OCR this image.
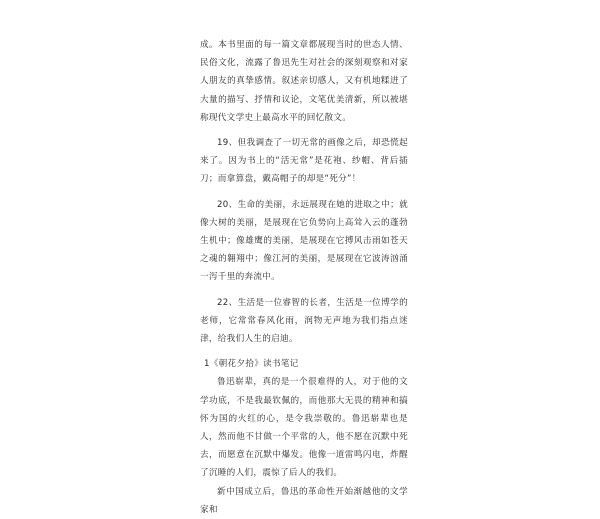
成。本书里面的每一篇文章都展现当时的世态人情、民俗文化，流露了鲁迅先生对社会的深刻观察和对家人朋友的真挚感情。叙述亲切感人，又有机地糅进了大量的描写、抒情和议论，文笔优美清新，所以被堪称现代文学史上最高水平的回忆散文。

19、但我调查了一切无常的画像之后，却恐慌起来了。因为书上的“活无常”是花袍、纱帽、背后插刀；而拿算盘，戴高帽子的却是“死分”！

20、生命的美丽，永远展现在她的进取之中；就像大树的美丽，是展现在它负势向上高耸入云的蓬勃生机中；像雄鹰的美丽，是展现在它搏风击雨如苍天之魂的翱翔中；像江河的美丽，是展现在它波涛汹涌一泻千里的奔流中。

22、生活是一位睿智的长者，生活是一位博学的老师，它常常春风化雨，润物无声地为我们指点迷津，给我们人生的启迪。

1《朝花夕拾》读书笔记

鲁迅崭辈，真的是一个很难得的人，对于他的文学功底，不是我最钦佩的，而他那大无畏的精神和搞怀为国的火红的心，是令我崇敬的。鲁迅崭辈也是人，然而他不甘做一个平常的人，他不愿在沉默中死去，而愿意在沉默中爆发。他像一道雷鸣闪电，炸醒了沉睡的人们，震惊了后人的我们。

新中国成立后，鲁迅的革命性开始渐越他的文学家和
